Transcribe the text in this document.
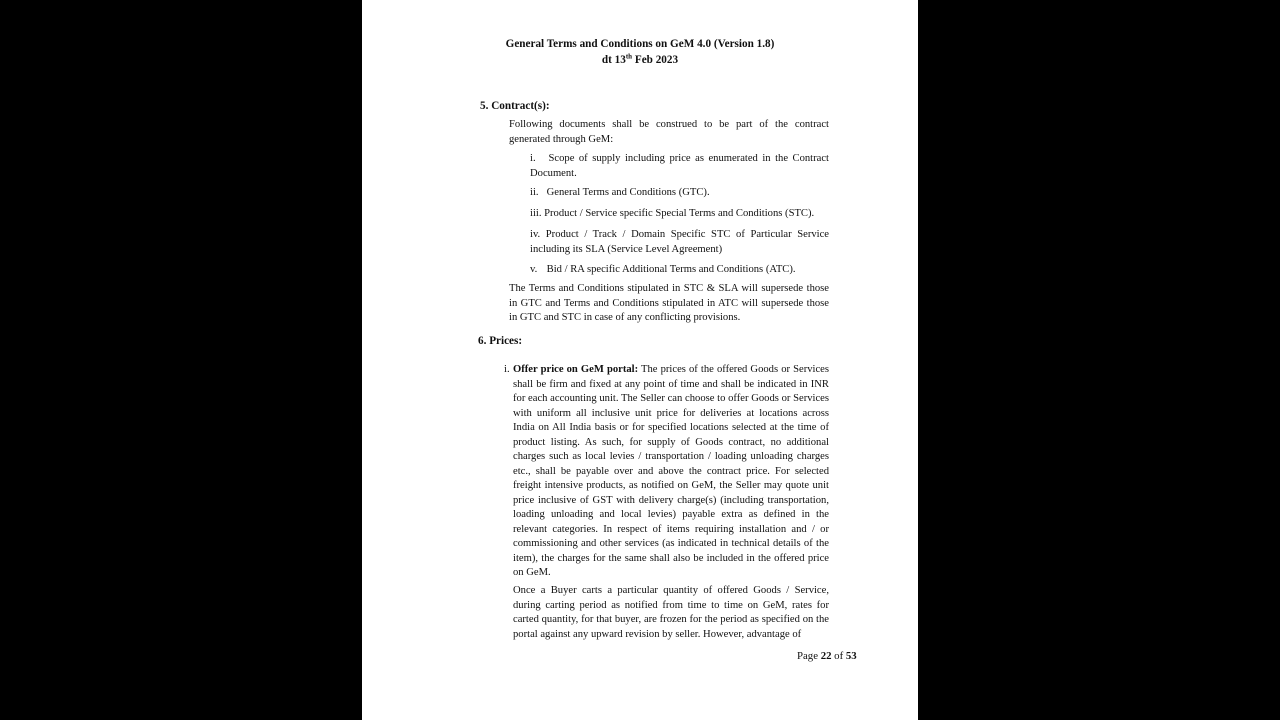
General Terms and Conditions on GeM 4.0 (Version 1.8)
dt 13th Feb 2023
5. Contract(s):

Following documents shall be construed to be part of the contract generated through GeM:

i. Scope of supply including price as enumerated in the Contract Document.

ii. General Terms and Conditions (GTC).

iii. Product / Service specific Special Terms and Conditions (STC).

iv. Product / Track / Domain Specific STC of Particular Service including its SLA (Service Level Agreement)

v. Bid / RA specific Additional Terms and Conditions (ATC).

The Terms and Conditions stipulated in STC & SLA will supersede those in GTC and Terms and Conditions stipulated in ATC will supersede those in GTC and STC in case of any conflicting provisions.

6. Prices:
i. Offer price on GeM portal: The prices of the offered Goods or Services shall be firm and fixed at any point of time and shall be indicated in INR for each accounting unit. The Seller can choose to offer Goods or Services with uniform all inclusive unit price for deliveries at locations across India on All India basis or for specified locations selected at the time of product listing. As such, for supply of Goods contract, no additional charges such as local levies / transportation / loading unloading charges etc., shall be payable over and above the contract price. For selected freight intensive products, as notified on GeM, the Seller may quote unit price inclusive of GST with delivery charge(s) (including transportation, loading unloading and local levies) payable extra as defined in the relevant categories. In respect of items requiring installation and / or commissioning and other services (as indicated in technical details of the item), the charges for the same shall also be included in the offered price on GeM.

Once a Buyer carts a particular quantity of offered Goods / Service, during carting period as notified from time to time on GeM, rates for carted quantity, for that buyer, are frozen for the period as specified on the portal against any upward revision by seller. However, advantage of

Page 22 of 53
